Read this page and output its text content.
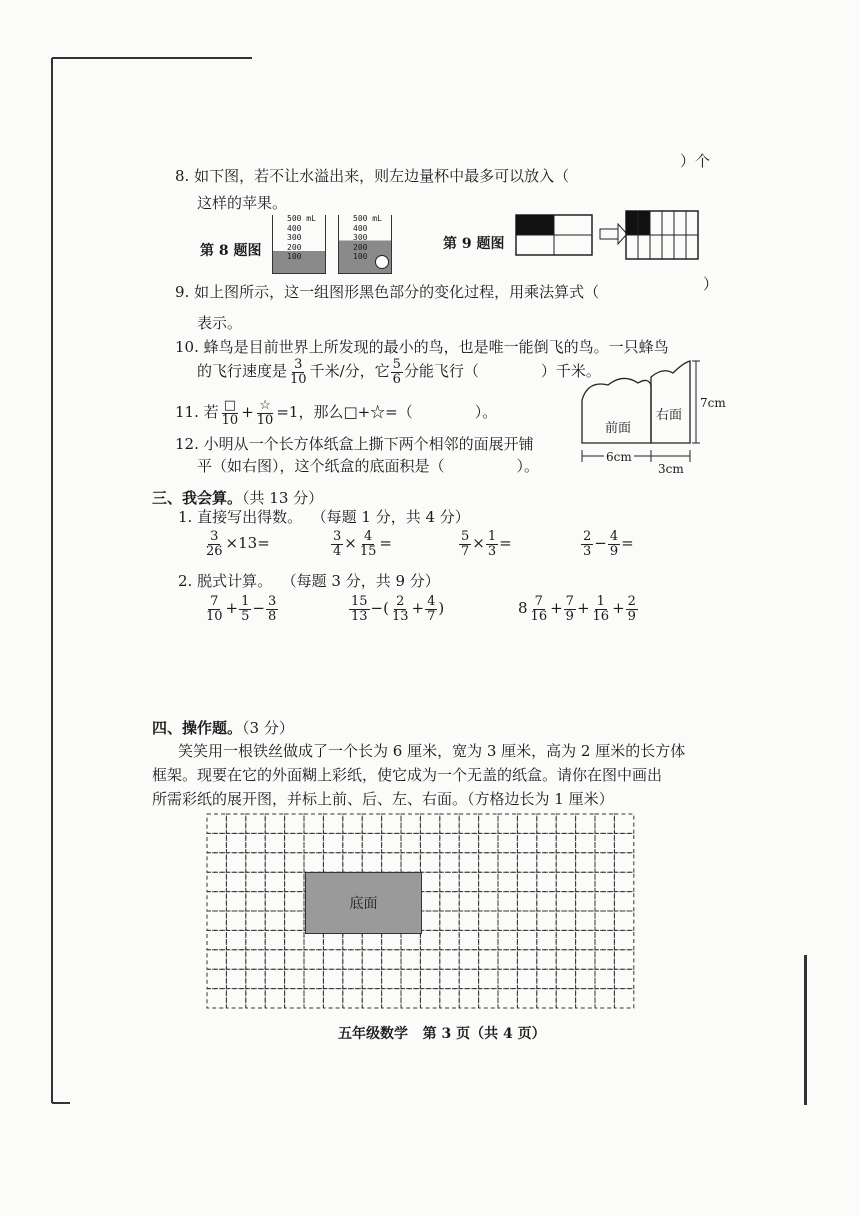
8. 如下图，若不让水溢出来，则左边量杯中最多可以放入（
）个
这样的苹果。
第 8 题图
500 mL
400
300
200
100
500 mL
400
300
200
100
第 9 题图
9. 如上图所示，这一组图形黑色部分的变化过程，用乘法算式（	）
表示。
10. 蜂鸟是目前世界上所发现的最小的鸟，也是唯一能倒飞的鸟。一只蜂鸟
的飞行速度是 $\frac{3}{10}$ 千米/分，它 $\frac{5}{6}$ 分能飞行（	）千米。
11. 若 $\frac{□}{10} + \frac{☆}{10} =1$，那么□+☆=（	）。
12. 小明从一个长方体纸盒上撕下两个相邻的面展开铺
平（如右图），这个纸盒的底面积是（	）。
前面
右面
7cm
6cm
3cm
三、我会算。（共 13 分）
1. 直接写出得数。 （每题 1 分，共 4 分）
$\frac{3}{26} \times 13=$	$\frac{3}{4} \times \frac{4}{15}$ =	$\frac{5}{7} \times \frac{1}{3}$ =	$\frac{2}{3} - \frac{4}{9}$ =
2. 脱式计算。 （每题 3 分，共 9 分）
$\frac{7}{10} + \frac{1}{5} - \frac{3}{8}$	$\frac{15}{13}$ −( $\frac{2}{13} + \frac{4}{7}$ )	$8 \frac{7}{16} + \frac{7}{9} + \frac{1}{16} + \frac{2}{9}$
四、操作题。（3 分）
笑笑用一根铁丝做成了一个长为 6 厘米，宽为 3 厘米，高为 2 厘米的长方体
框架。现要在它的外面糊上彩纸，使它成为一个无盖的纸盒。请你在图中画出
所需彩纸的展开图，并标上前、后、左、右面。（方格边长为 1 厘米）
底面
五年级数学   第 3 页（共 4 页）
